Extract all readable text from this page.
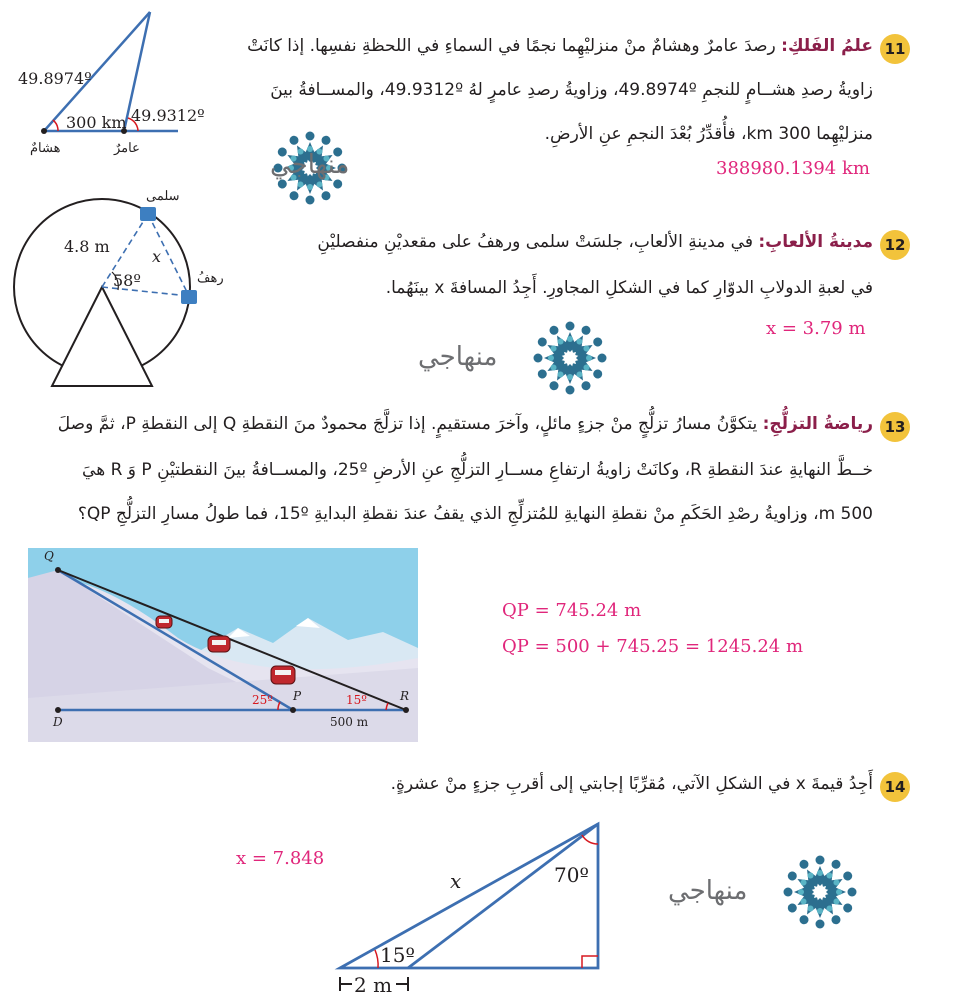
11
علمُ الفَلكِ: رصدَ عامرٌ وهشامٌ منْ منزليْهِما نجمًا في السماءِ في اللحظةِ نفسِها. إذا كانَتْ
زاويةُ رصدِ هشــامٍ للنجمِ 49.8974º، وزاويةُ رصدِ عامرٍ لهُ 49.9312º، والمســافةُ بينَ
منزليْهِما 300 km، فأُقدِّرُ بُعْدَ النجمِ عنِ الأرضِ.
388980.1394 km
منهاجي
49.8974º
49.9312º
300 km
هشامٌ	عامرٌ
12
مدينةُ الألعابِ: في مدينةِ الألعابِ، جلسَتْ سلمى ورهفُ على مقعديْنِ منفصليْنِ
في لعبةِ الدولابِ الدوّارِ كما في الشكلِ المجاورِ. أَجِدُ المسافةَ x بينَهُما.
x = 3.79 m
منهاجي
4.8 m
58º
x
سلمى
رهفُ
13
رياضةُ التزلُّجِ: يتكوَّنُ مسارُ تزلُّجٍ منْ جزءٍ مائلٍ، وآخرَ مستقيمٍ. إذا تزلَّجَ محمودٌ منَ النقطةِ Q إلى النقطةِ P، ثمَّ وصلَ
خــطَّ النهايةِ عندَ النقطةِ R، وكانَتْ زاويةُ ارتفاعِ مســارِ التزلُّجِ عنِ الأرضِ 25º، والمســافةُ بينَ النقطتيْنِ P وَ R هيَ
500 m، وزاويةُ رصْدِ الحَكَمِ منْ نقطةِ النهايةِ للمُتزلِّجِ الذي يقفُ عندَ نقطةِ البدايةِ 15º، فما طولُ مسارِ التزلُّجِ QP؟
Q
P	R
D
25º	15º
500 m
QP = 745.24 m
QP = 500 + 745.25 = 1245.24 m
14
أَجِدُ قيمةَ x في الشكلِ الآتي، مُقرِّبًا إجابتي إلى أقربِ جزءٍ منْ عشرةٍ.
x = 7.848
منهاجي
x	70º
15º
2 m
